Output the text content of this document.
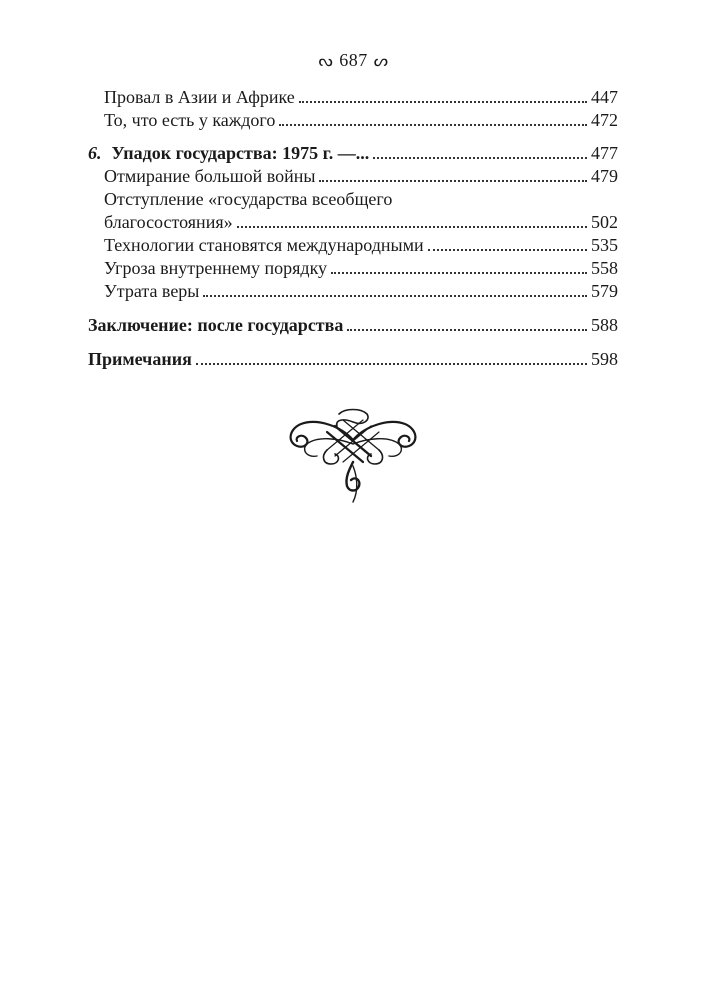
ᔓ 687 ᔕ
Провал в Азии и Африке	447
То, что есть у каждого	472
6. Упадок государства: 1975 г. —...	477
Отмирание большой войны	479
Отступление «государства всеобщего
благосостояния»	502
Технологии становятся международными	535
Угроза внутреннему порядку	558
Утрата веры	579
Заключение: после государства	588
Примечания	598
